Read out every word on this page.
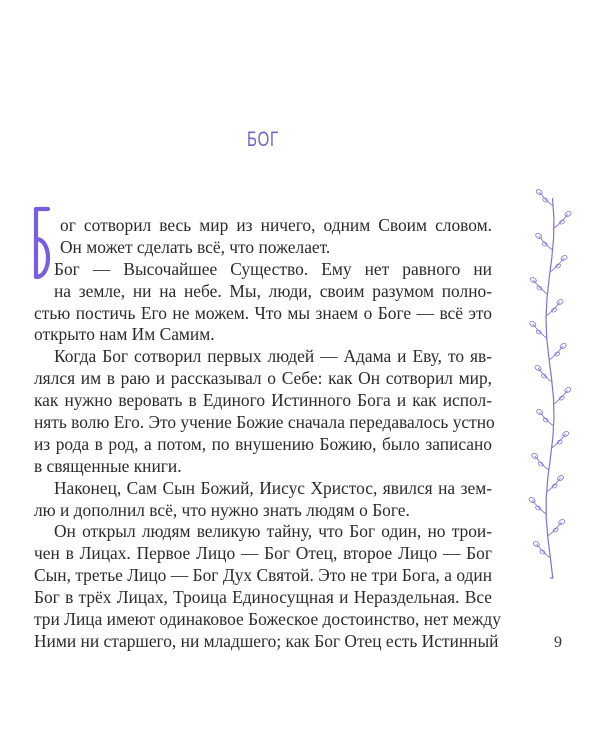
БОГ
ог сотворил весь мир из ничего, одним Своим словом.
Он может сделать всё, что пожелает.
Бог — Высочайшее Существо. Ему нет равного ни
на земле, ни на небе. Мы, люди, своим разумом полно-
стью постичь Его не можем. Что мы знаем о Боге — всё это
открыто нам Им Самим.
Когда Бог сотворил первых людей — Адама и Еву, то яв-
лялся им в раю и рассказывал о Себе: как Он сотворил мир,
как нужно веровать в Единого Истинного Бога и как испол-
нять волю Его. Это учение Божие сначала передавалось устно
из рода в род, а потом, по внушению Божию, было записано
в священные книги.
Наконец, Сам Сын Божий, Иисус Христос, явился на зем-
лю и дополнил всё, что нужно знать людям о Боге.
Он открыл людям великую тайну, что Бог один, но трои-
чен в Лицах. Первое Лицо — Бог Отец, второе Лицо — Бог
Сын, третье Лицо — Бог Дух Святой. Это не три Бога, а один
Бог в трёх Лицах, Троица Единосущная и Нераздельная. Все
три Лица имеют одинаковое Божеское достоинство, нет между
Ними ни старшего, ни младшего; как Бог Отец есть Истинный	9
